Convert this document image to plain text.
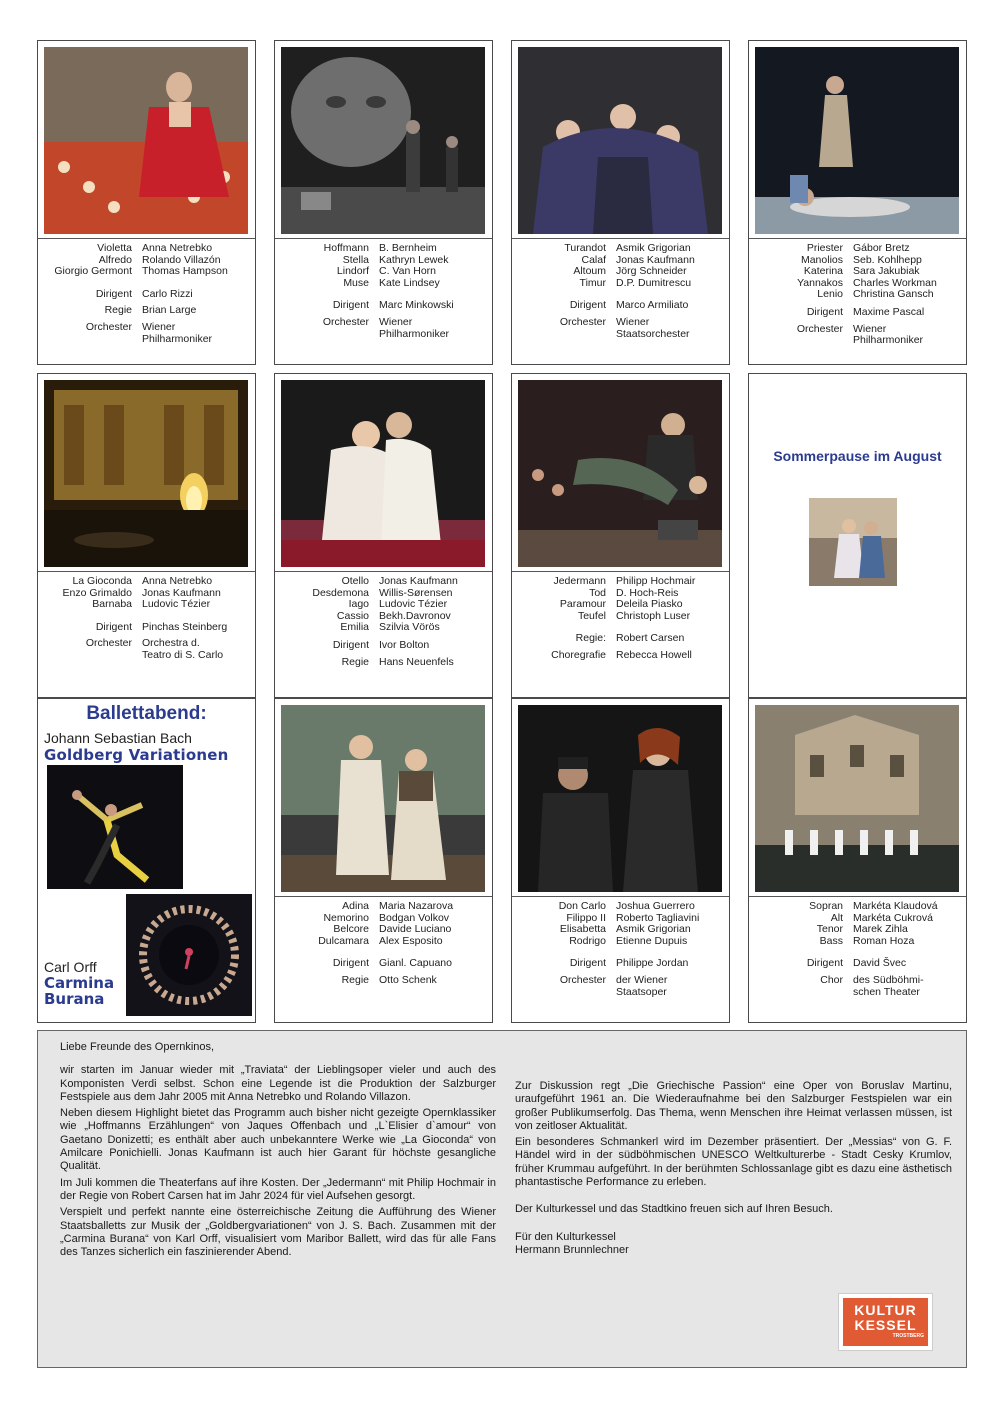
Violetta Anna Netrebko
Alfredo Rolando Villazón
Giorgio Germont Thomas Hampson
Dirigent Carlo Rizzi
Regie Brian Large
Orchester Wiener
Philharmoniker
Hoffmann B. Bernheim
Stella Kathryn Lewek
Lindorf C. Van Horn
Muse Kate Lindsey
Dirigent Marc Minkowski
Orchester Wiener
Philharmoniker
Turandot Asmik Grigorian
Calaf Jonas Kaufmann
Altoum Jörg Schneider
Timur D.P. Dumitrescu
Dirigent Marco Armiliato
Orchester Wiener
Staatsorchester
Priester Gábor Bretz
Manolios Seb. Kohlhepp
Katerina Sara Jakubiak
Yannakos Charles Workman
Lenio Christina Gansch
Dirigent Maxime Pascal
Orchester Wiener
Philharmoniker
La Gioconda Anna Netrebko
Enzo Grimaldo Jonas Kaufmann
Barnaba Ludovic Tézier
Dirigent Pinchas Steinberg
Orchester Orchestra d.
Teatro di S. Carlo
Otello Jonas Kaufmann
Desdemona Willis-Sørensen
Iago Ludovic Tézier
Cassio Bekh.Davronov
Emilia Szilvia Vörös
Dirigent Ivor Bolton
Regie Hans Neuenfels
Jedermann Philipp Hochmair
Tod D. Hoch-Reis
Paramour Deleila Piasko
Teufel Christoph Luser
Regie: Robert Carsen
Choregrafie Rebecca Howell
Sommerpause im August
Ballettabend:
Johann Sebastian Bach
Goldberg Variationen
Carl Orff
Carmina
Burana
Adina Maria Nazarova
Nemorino Bodgan Volkov
Belcore Davide Luciano
Dulcamara Alex Esposito
Dirigent Gianl. Capuano
Regie Otto Schenk
Don Carlo Joshua Guerrero
Filippo II Roberto Tagliavini
Elisabetta Asmik Grigorian
Rodrigo Etienne Dupuis
Dirigent Philippe Jordan
Orchester der Wiener
Staatsoper
Sopran Markéta Klaudová
Alt Markéta Cukrová
Tenor Marek Zihla
Bass Roman Hoza
Dirigent David Švec
Chor des Südböhmi-
schen Theater

Liebe Freunde des Opernkinos,

wir starten im Januar wieder mit „Traviata“ der Lieblingsoper vieler und auch des Komponisten Verdi selbst. Schon eine Legende ist die Produktion der Salzburger Festspiele aus dem Jahr 2005 mit Anna Netrebko und Rolando Villazon.

Neben diesem Highlight bietet das Programm auch bisher nicht gezeigte Opernklassiker wie „Hoffmanns Erzählungen“ von Jaques Offenbach und „L`Elisier d`amour“ von Gaetano Donizetti; es enthält aber auch unbekanntere Werke wie „La Gioconda“ von Amilcare Ponichielli. Jonas Kaufmann ist auch hier Garant für höchste gesangliche Qualität.

Im Juli kommen die Theaterfans auf ihre Kosten. Der „Jedermann“ mit Philip Hochmair in der Regie von Robert Carsen hat im Jahr 2024 für viel Aufsehen gesorgt.

Verspielt und perfekt nannte eine österreichische Zeitung die Aufführung des Wiener Staatsballetts zur Musik der „Goldbergvariationen“ von J. S. Bach. Zusammen mit der „Carmina Burana“ von Karl Orff, visualisiert vom Maribor Ballett, wird das für alle Fans des Tanzes sicherlich ein faszinierender Abend.

Zur Diskussion regt „Die Griechische Passion“ eine Oper von Boruslav Martinu, uraufgeführt 1961 an. Die Wiederaufnahme bei den Salzburger Festspielen war ein großer Publikumserfolg. Das Thema, wenn Menschen ihre Heimat verlassen müssen, ist von zeitloser Aktualität.

Ein besonderes Schmankerl wird im Dezember präsentiert. Der „Messias“ von G. F. Händel wird in der südböhmischen UNESCO Weltkulturerbe - Stadt Cesky Krumlov, früher Krummau aufgeführt. In der berühmten Schlossanlage gibt es dazu eine ästhetisch phantastische Performance zu erleben.

Der Kulturkessel und das Stadtkino freuen sich auf Ihren Besuch.

Für den Kulturkessel

Hermann Brunnlechner

KULTUR
KESSEL
TROSTBERG
